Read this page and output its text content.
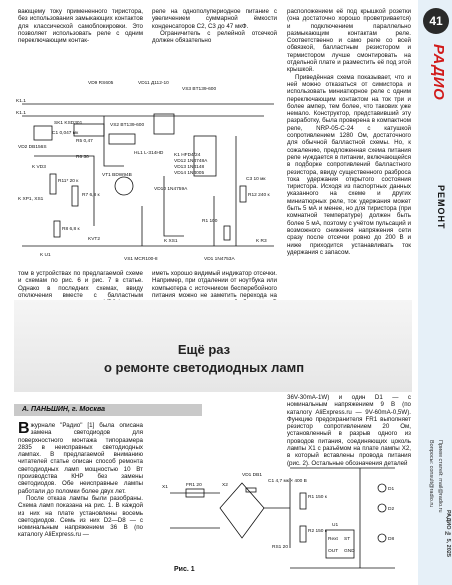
41
РАДИО
РЕМОНТ
Вопросы: consult@radio.ru Прием статей: mail@radio.ru
РАДИО № 5, 2025

вающему току примененного тиристора, без использования замыкающих контактов для классической самоблокировки. Это позволяет использовать реле с одним переключающим контак-

реле на однополупериодное питание с увеличением суммарной ёмкости конденсаторов С2, С3 до 47 мкФ.

Ограничитель с релейной отсечкой должен обязательно

расположением её под крышкой розетки (она достаточно хорошо проветривается) и подключением параллельно размыкающим контактам реле. Соответственно и само реле со всей обвязкой, балластным резистором и термистором лучше смонтировать на отдельной плате и разместить её под этой крышкой.

Приведённая схема показывает, что и ней можно отказаться от симистора и использовать миниатюрное реле с одним переключающим контактом на ток три и более ампер, тем более, что такових уже немало. Конструктор, представивший эту разработку, была проверена в компактном реле, NRP-05-C-24 с катушкой сопротивлением 1280 Ом, достаточного для обычной балластной схемы. Но, к сожалению, предложенная схема питания реле нуждается в питании, включающейся в подборке сопротивлений балластного резистора, ввиду существенного разброса тока удержания открытого состояния тиристора. Исходя из паспортных данных указанного на схеме и других миниатюрных реле, ток удержания может быть 5 мА и менее, но для тиристора (при комнатной температуре) должен быть более 5 мА, поэтому с учётом пульсаций и возможного снижения напряжения сети сразу после отсечки ровно до 200 В и ниже приходится устанавливать ток удержания с запасом.

K1.1
K1.1
VD9 RS605	VD11 Д112-10
VS3 BT139-600
VS2 BT139-600
HL1 L-314HD
VT1 BDW94B
VD10 1N4759A
K1 HFD4/24
VD12 1N4748A
VD13 1N4148
VD14 1N4005
C3 10 мк
R12 240 к
R1 100
VD1 1N4753A
VS1 MCR100-8
KVT2
K U1
K R3
K VD3
K XP1, XS1
R11* 20 к
R7 6,8 к
R8 6,8 к
R5 0,47
R6 30
VD2 DB156S
SK1 KSD301
C1 0,047 мк
K XS1

том в устройствах по предлагаемой схеме и схемам по рис. 6 и рис. 7 в статье. Однако в последних схемах, ввиду отключения вместе с балластным

иметь хорошо видимый индикатор отсечки. Например, при отдалении от ноутбука или компьютера с источником бесперебойного питания можно не заметить перехода на

Ещё раз
о ремонте светодиодных ламп
А. ПАНЬШИН, г. Москва

Вжурнале "Радио" [1] была описана замена светодиодов для поверхностного монтажа типоразмера 2835 в неисправных светодиодных лампах. В предлагаемой вниманию читателей статье описан способ ремонта светодиодных ламп мощностью 10 Вт производства КНР без замены светодиодов. Обе неисправные лампы работали до поломки более двух лет.

После отказа лампы были разобраны. Схема ламп показана на рис. 1. В каждой из них на плате установлены восемь светодиодов. Семь из них D2—D8 — с номинальным напряжением 36 В (по каталогу AliExpress.ru —

36V-30mA-1W) и один D1 — с номинальным напряжением 9 В (по каталогу AliExpress.ru — 9V-60mA-0,5W). Функцию предохранителя FR1 выполняет резистор сопротивлением 20 Ом, установленный в разрыв одного из проводов питания, соединяющих цоколь лампы X1 с разъёмом на плате лампы X2, в который вставлены провода питания (рис. 2). Остальные обозначения деталей

X1	FR1 20	X2
VD1 DB1
C1 4,7 мк × 400 В
R1 150 к
R2 150 к
RS1 20
U1
Rext ST
OUT GND
D1
D2
D8
Рис. 1
